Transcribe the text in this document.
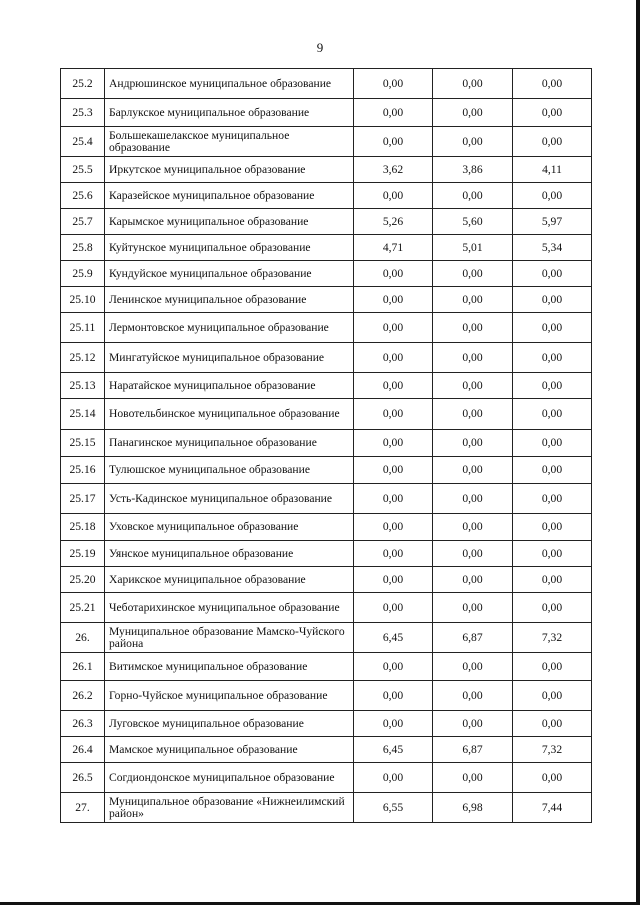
9
25.2	Андрюшинское муниципальное образование	0,00	0,00	0,00
25.3	Барлукское муниципальное образование	0,00	0,00	0,00
25.4	Большекашелакское муниципальное образование	0,00	0,00	0,00
25.5	Иркутское муниципальное образование	3,62	3,86	4,11
25.6	Каразейское муниципальное образование	0,00	0,00	0,00
25.7	Карымское муниципальное образование	5,26	5,60	5,97
25.8	Куйтунское муниципальное образование	4,71	5,01	5,34
25.9	Кундуйское муниципальное образование	0,00	0,00	0,00
25.10	Ленинское муниципальное образование	0,00	0,00	0,00
25.11	Лермонтовское муниципальное образование	0,00	0,00	0,00
25.12	Мингатуйское муниципальное образование	0,00	0,00	0,00
25.13	Наратайское муниципальное образование	0,00	0,00	0,00
25.14	Новотельбинское муниципальное образование	0,00	0,00	0,00
25.15	Панагинское муниципальное образование	0,00	0,00	0,00
25.16	Тулюшское муниципальное образование	0,00	0,00	0,00
25.17	Усть-Кадинское муниципальное образование	0,00	0,00	0,00
25.18	Уховское муниципальное образование	0,00	0,00	0,00
25.19	Уянское муниципальное образование	0,00	0,00	0,00
25.20	Харикское муниципальное образование	0,00	0,00	0,00
25.21	Чеботарихинское муниципальное образование	0,00	0,00	0,00
26.	Муниципальное образование Мамско-Чуйского района	6,45	6,87	7,32
26.1	Витимское муниципальное образование	0,00	0,00	0,00
26.2	Горно-Чуйское муниципальное образование	0,00	0,00	0,00
26.3	Луговское муниципальное образование	0,00	0,00	0,00
26.4	Мамское муниципальное образование	6,45	6,87	7,32
26.5	Согдиондонское муниципальное образование	0,00	0,00	0,00
27.	Муниципальное образование «Нижнеилимский район»	6,55	6,98	7,44
